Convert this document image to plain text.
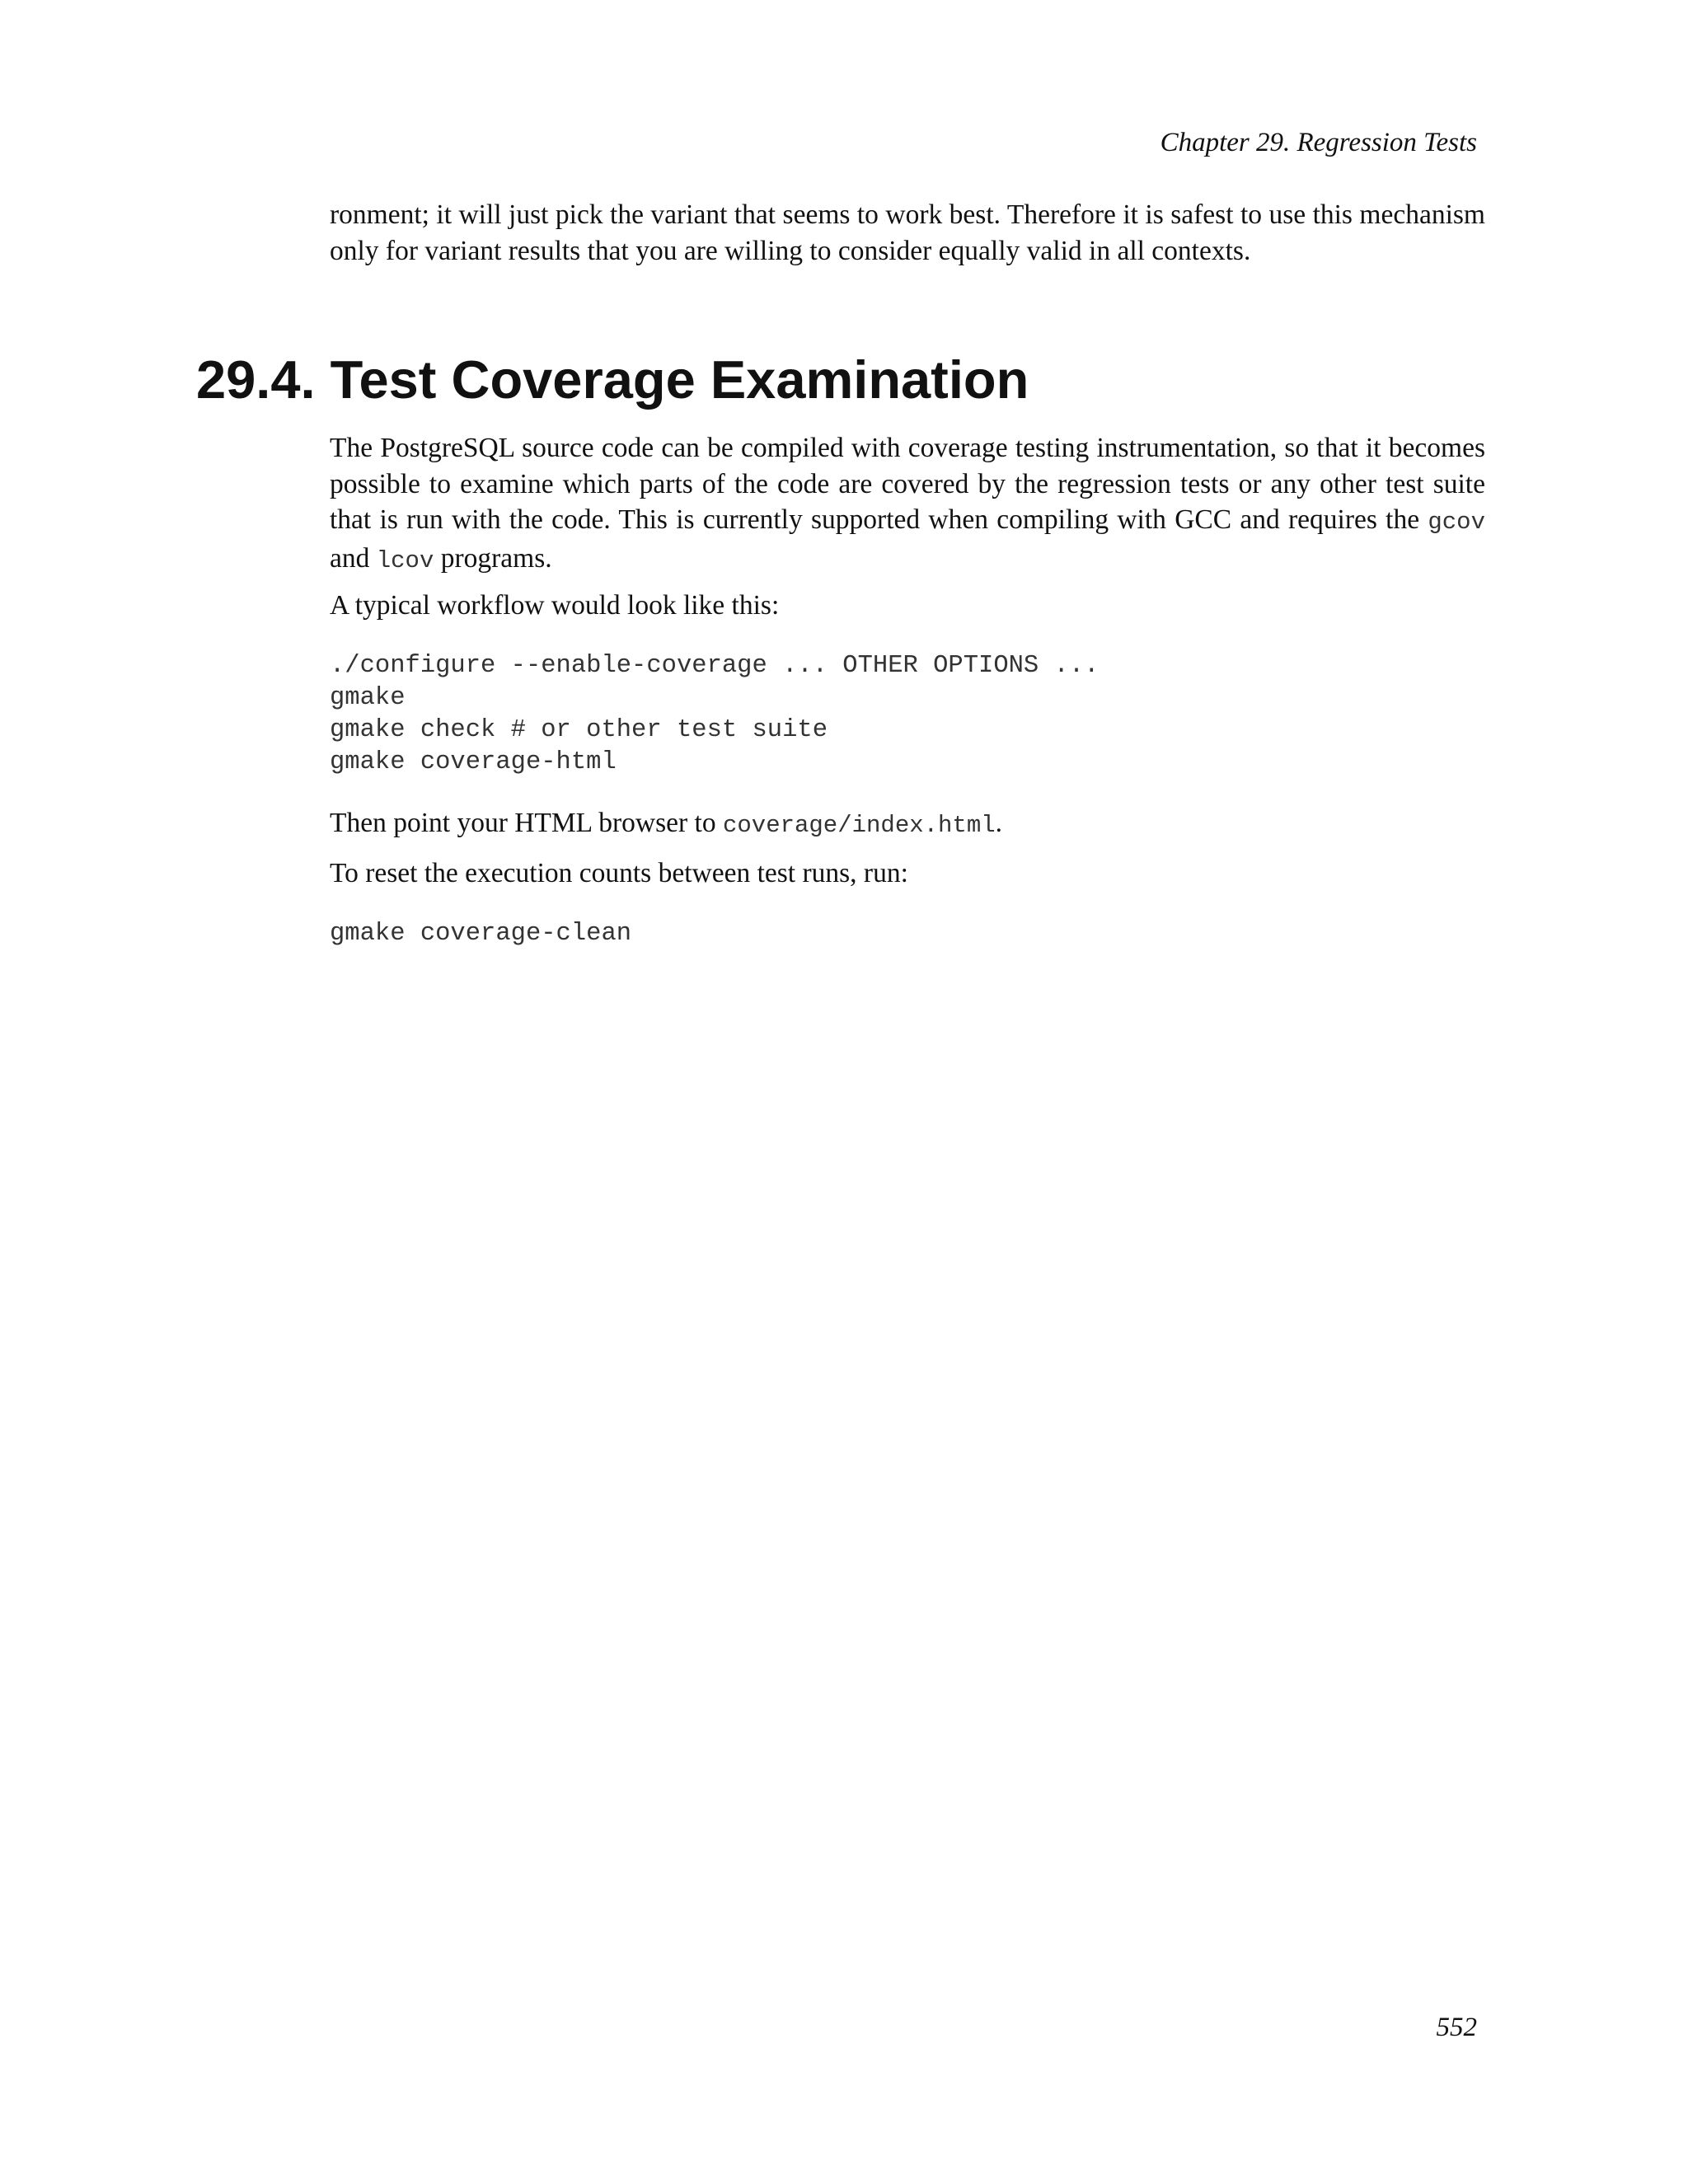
Chapter 29. Regression Tests

ronment; it will just pick the variant that seems to work best. Therefore it is safest to use this mechanism only for variant results that you are willing to consider equally valid in all contexts.

29.4. Test Coverage Examination

The PostgreSQL source code can be compiled with coverage testing instrumentation, so that it becomes possible to examine which parts of the code are covered by the regression tests or any other test suite that is run with the code. This is currently supported when compiling with GCC and requires the gcov and lcov programs.

A typical workflow would look like this:

./configure --enable-coverage ... OTHER OPTIONS ...
gmake
gmake check # or other test suite
gmake coverage-html

Then point your HTML browser to coverage/index.html.

To reset the execution counts between test runs, run:

gmake coverage-clean
552
